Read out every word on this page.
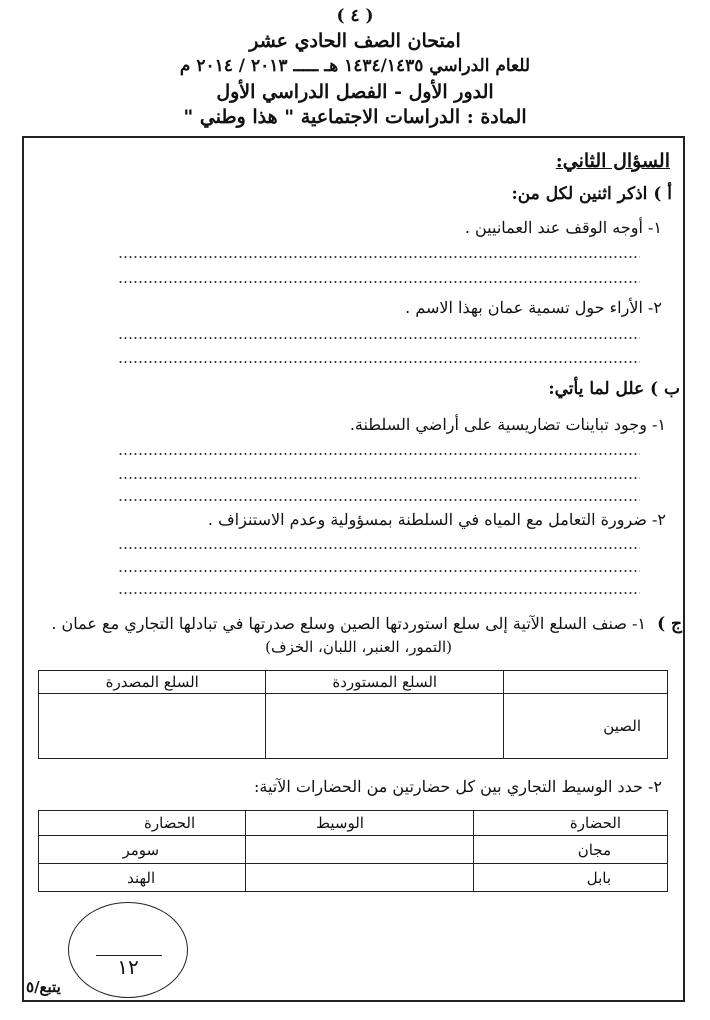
( ٤ )
امتحان الصف الحادي عشر
للعام الدراسي ١٤٣٤/١٤٣٥ هـ ـــــ ٢٠١٣ / ٢٠١٤ م
الدور الأول - الفصل الدراسي الأول
المادة : الدراسات الاجتماعية " هذا وطني "
السؤال الثاني:
أ ) اذكر اثنين لكل من:
١- أوجه الوقف عند العمانيين .
٢- الأراء حول تسمية عمان بهذا الاسم .
ب ) علل لما يأتي:
١- وجود تباينات تضاريسية على أراضي السلطنة.
٢- ضرورة التعامل مع المياه في السلطنة بمسؤولية وعدم الاستنزاف .
ج )
١- صنف السلع الآتية إلى سلع استوردتها الصين وسلع صدرتها في تبادلها التجاري مع عمان .
(التمور، العنبر، اللبان، الخزف)
	السلع المستوردة	السلع المصدرة
الصين		
٢- حدد الوسيط التجاري بين كل حضارتين من الحضارات الآتية:
الحضارة	الوسيط	الحضارة
مجان		سومر
بابل		الهند
١٢
يتبع/٥
